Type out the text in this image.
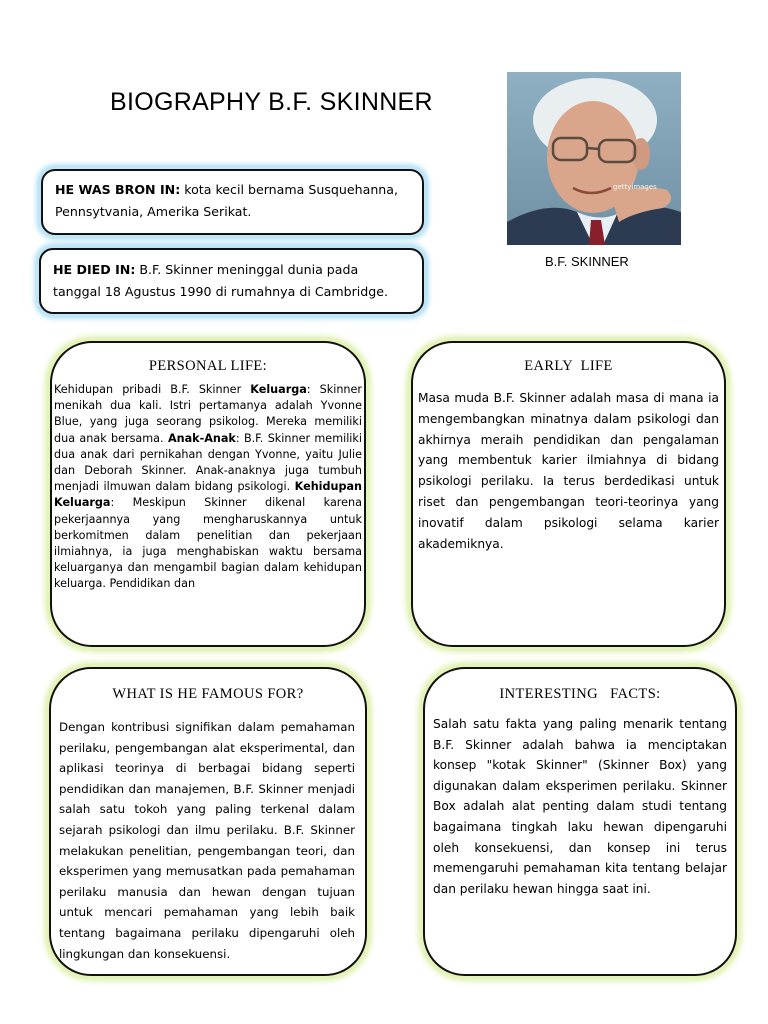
BIOGRAPHY B.F. SKINNER
HE WAS BRON IN: kota kecil bernama Susquehanna, Pennsytvania, Amerika Serikat.
HE DIED IN: B.F. Skinner meninggal dunia pada tanggal 18 Agustus 1990 di rumahnya di Cambridge.
gettyimages
B.F. SKINNER
PERSONAL LIFE:
Kehidupan pribadi B.F. Skinner Keluarga: Skinner menikah dua kali. Istri pertamanya adalah Yvonne Blue, yang juga seorang psikolog. Mereka memiliki dua anak bersama. Anak-Anak: B.F. Skinner memiliki dua anak dari pernikahan dengan Yvonne, yaitu Julie dan Deborah Skinner. Anak-anaknya juga tumbuh menjadi ilmuwan dalam bidang psikologi. Kehidupan Keluarga: Meskipun Skinner dikenal karena pekerjaannya yang mengharuskannya untuk berkomitmen dalam penelitian dan pekerjaan ilmiahnya, ia juga menghabiskan waktu bersama keluarganya dan mengambil bagian dalam kehidupan keluarga. Pendidikan dan
EARLY  LIFE
Masa muda B.F. Skinner adalah masa di mana ia mengembangkan minatnya dalam psikologi dan akhirnya meraih pendidikan dan pengalaman yang membentuk karier ilmiahnya di bidang psikologi perilaku. Ia terus berdedikasi untuk riset dan pengembangan teori-teorinya yang inovatif dalam psikologi selama karier akademiknya.
WHAT IS HE FAMOUS FOR?
Dengan kontribusi signifikan dalam pemahaman perilaku, pengembangan alat eksperimental, dan aplikasi teorinya di berbagai bidang seperti pendidikan dan manajemen, B.F. Skinner menjadi salah satu tokoh yang paling terkenal dalam sejarah psikologi dan ilmu perilaku. B.F. Skinner melakukan penelitian, pengembangan teori, dan eksperimen yang memusatkan pada pemahaman perilaku manusia dan hewan dengan tujuan untuk mencari pemahaman yang lebih baik tentang bagaimana perilaku dipengaruhi oleh lingkungan dan konsekuensi.
INTERESTING   FACTS:
Salah satu fakta yang paling menarik tentang B.F. Skinner adalah bahwa ia menciptakan konsep "kotak Skinner" (Skinner Box) yang digunakan dalam eksperimen perilaku. Skinner Box adalah alat penting dalam studi tentang bagaimana tingkah laku hewan dipengaruhi oleh konsekuensi, dan konsep ini terus memengaruhi pemahaman kita tentang belajar dan perilaku hewan hingga saat ini.
